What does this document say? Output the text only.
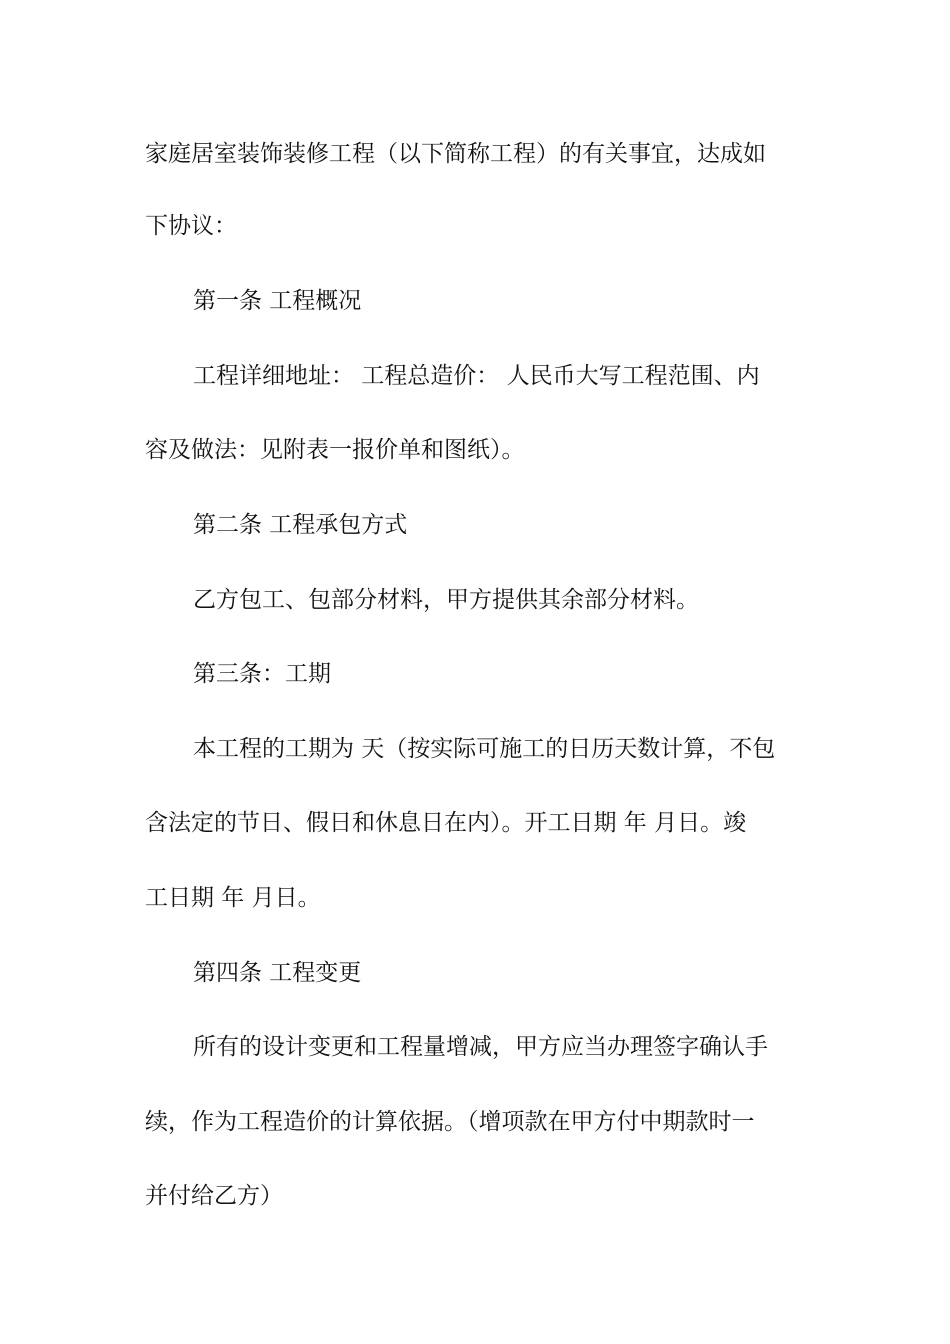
家庭居室装饰装修工程（以下简称工程）的有关事宜，达成如
下协议：
第一条 工程概况
工程详细地址： 工程总造价： 人民币大写工程范围、内
容及做法：见附表一报价单和图纸）。
第二条 工程承包方式
乙方包工、包部分材料，甲方提供其余部分材料。
第三条：工期
本工程的工期为 天（按实际可施工的日历天数计算，不包
含法定的节日、假日和休息日在内）。开工日期 年 月日。竣
工日期 年 月日。
第四条 工程变更
所有的设计变更和工程量增减，甲方应当办理签字确认手
续，作为工程造价的计算依据。（增项款在甲方付中期款时一
并付给乙方）
